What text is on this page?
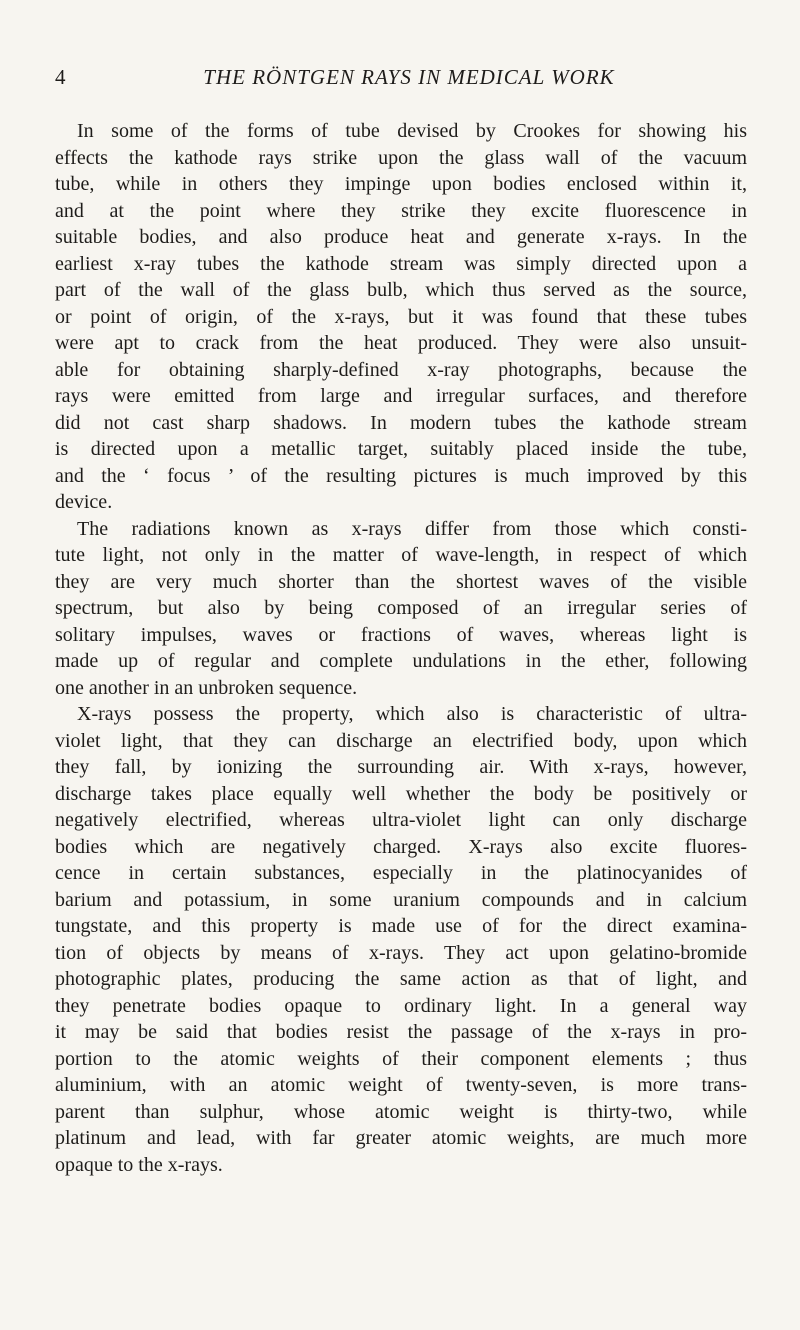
4	THE RÖNTGEN RAYS IN MEDICAL WORK
In some of the forms of tube devised by Crookes for showing his
effects the kathode rays strike upon the glass wall of the vacuum
tube, while in others they impinge upon bodies enclosed within it,
and at the point where they strike they excite fluorescence in
suitable bodies, and also produce heat and generate x-rays. In the
earliest x-ray tubes the kathode stream was simply directed upon a
part of the wall of the glass bulb, which thus served as the source,
or point of origin, of the x-rays, but it was found that these tubes
were apt to crack from the heat produced. They were also unsuit-
able for obtaining sharply-defined x-ray photographs, because the
rays were emitted from large and irregular surfaces, and therefore
did not cast sharp shadows. In modern tubes the kathode stream
is directed upon a metallic target, suitably placed inside the tube,
and the ‘ focus ’ of the resulting pictures is much improved by this
device.
The radiations known as x-rays differ from those which consti-
tute light, not only in the matter of wave-length, in respect of which
they are very much shorter than the shortest waves of the visible
spectrum, but also by being composed of an irregular series of
solitary impulses, waves or fractions of waves, whereas light is
made up of regular and complete undulations in the ether, following
one another in an unbroken sequence.
X-rays possess the property, which also is characteristic of ultra-
violet light, that they can discharge an electrified body, upon which
they fall, by ionizing the surrounding air. With x-rays, however,
discharge takes place equally well whether the body be positively or
negatively electrified, whereas ultra-violet light can only discharge
bodies which are negatively charged. X-rays also excite fluores-
cence in certain substances, especially in the platinocyanides of
barium and potassium, in some uranium compounds and in calcium
tungstate, and this property is made use of for the direct examina-
tion of objects by means of x-rays. They act upon gelatino-bromide
photographic plates, producing the same action as that of light, and
they penetrate bodies opaque to ordinary light. In a general way
it may be said that bodies resist the passage of the x-rays in pro-
portion to the atomic weights of their component elements ; thus
aluminium, with an atomic weight of twenty-seven, is more trans-
parent than sulphur, whose atomic weight is thirty-two, while
platinum and lead, with far greater atomic weights, are much more
opaque to the x-rays.
